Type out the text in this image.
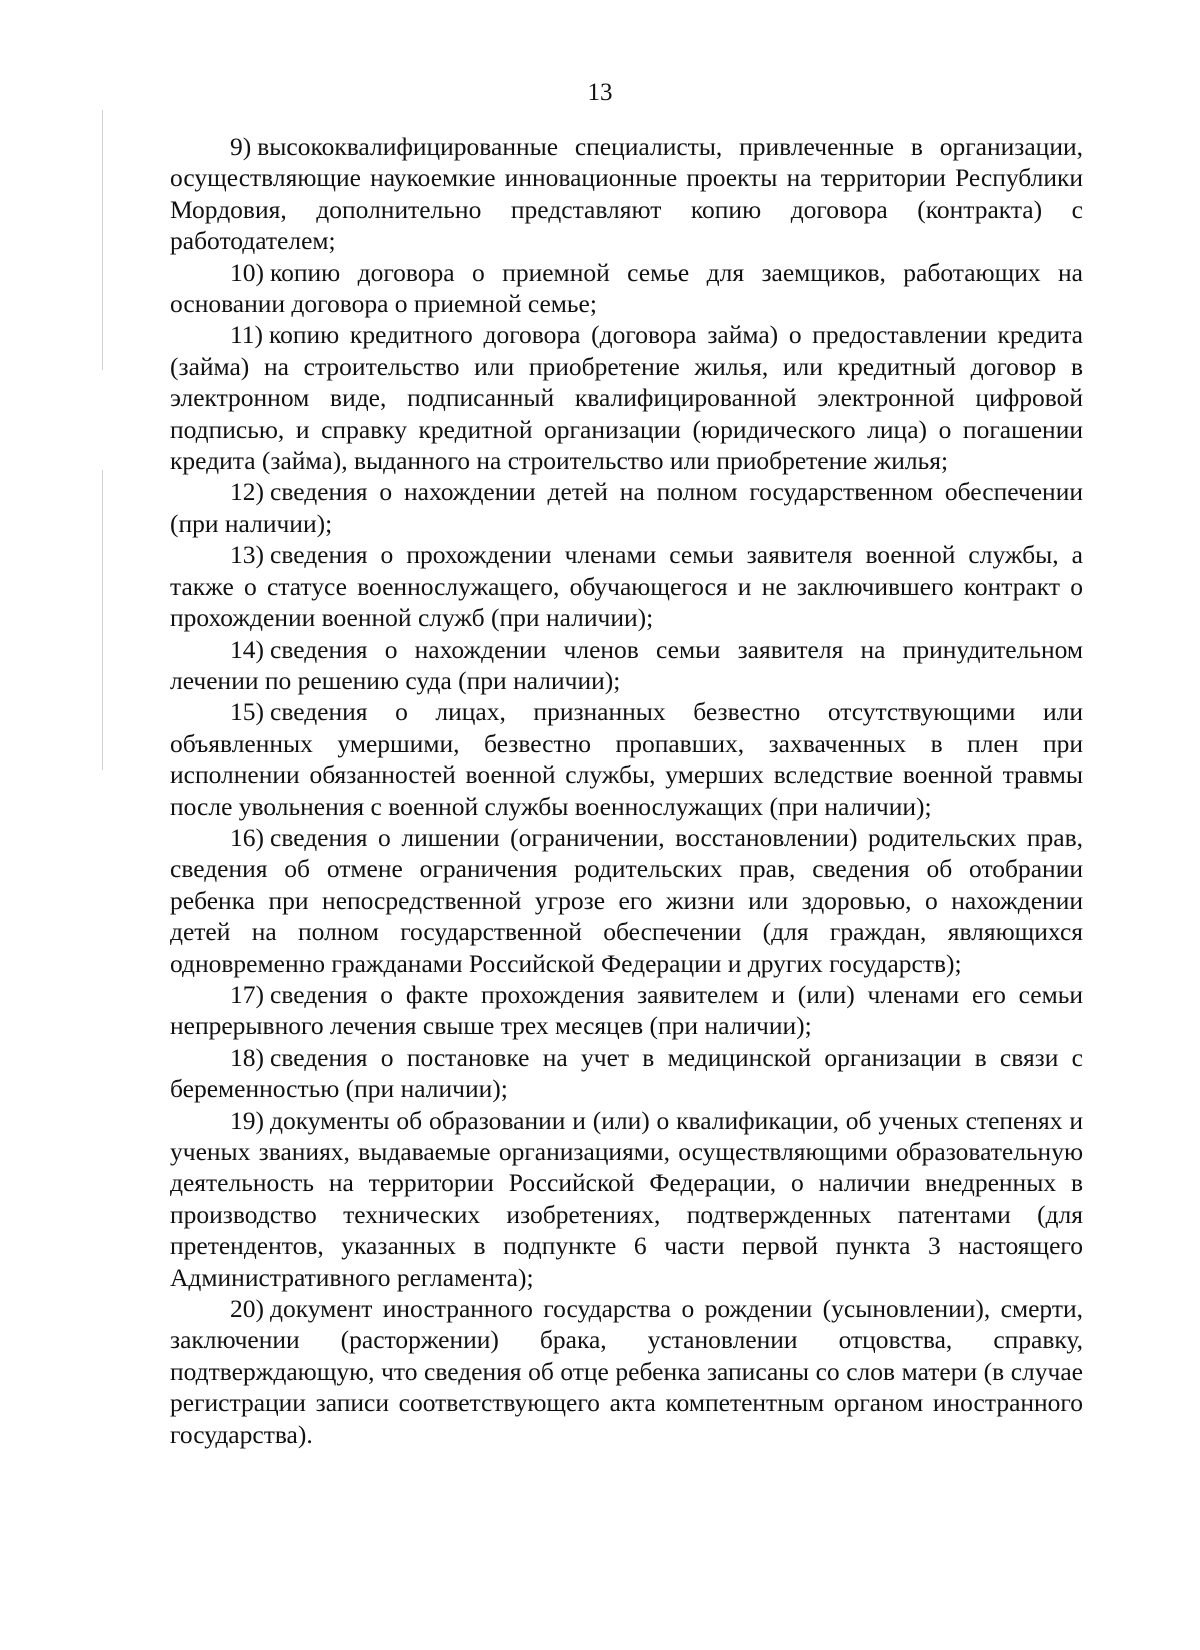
13

9) высококвалифицированные специалисты, привлеченные в организации, осуществляющие наукоемкие инновационные проекты на территории Республики Мордовия, дополнительно представляют копию договора (контракта) с работодателем;

10) копию договора о приемной семье для заемщиков, работающих на основании договора о приемной семье;

11) копию кредитного договора (договора займа) о предоставлении кредита (займа) на строительство или приобретение жилья, или кредитный договор в электронном виде, подписанный квалифицированной электронной цифровой подписью, и справку кредитной организации (юридического лица) о погашении кредита (займа), выданного на строительство или приобретение жилья;

12) сведения о нахождении детей на полном государственном обеспечении (при наличии);

13) сведения о прохождении членами семьи заявителя военной службы, а также о статусе военнослужащего, обучающегося и не заключившего контракт о прохождении военной служб (при наличии);

14) сведения о нахождении членов семьи заявителя на принудительном лечении по решению суда (при наличии);

15) сведения о лицах, признанных безвестно отсутствующими или объявленных умершими, безвестно пропавших, захваченных в плен при исполнении обязанностей военной службы, умерших вследствие военной травмы после увольнения с военной службы военнослужащих (при наличии);

16) сведения о лишении (ограничении, восстановлении) родительских прав, сведения об отмене ограничения родительских прав, сведения об отобрании ребенка при непосредственной угрозе его жизни или здоровью, о нахождении детей на полном государственной обеспечении (для граждан, являющихся одновременно гражданами Российской Федерации и других государств);

17) сведения о факте прохождения заявителем и (или) членами его семьи непрерывного лечения свыше трех месяцев (при наличии);

18) сведения о постановке на учет в медицинской организации в связи с беременностью (при наличии);

19) документы об образовании и (или) о квалификации, об ученых степенях и ученых званиях, выдаваемые организациями, осуществляющими образовательную деятельность на территории Российской Федерации, о наличии внедренных в производство технических изобретениях, подтвержденных патентами (для претендентов, указанных в подпункте 6 части первой пункта 3 настоящего Административного регламента);

20) документ иностранного государства о рождении (усыновлении), смерти, заключении (расторжении) брака, установлении отцовства, справку, подтверждающую, что сведения об отце ребенка записаны со слов матери (в случае регистрации записи соответствующего акта компетентным органом иностранного государства).
